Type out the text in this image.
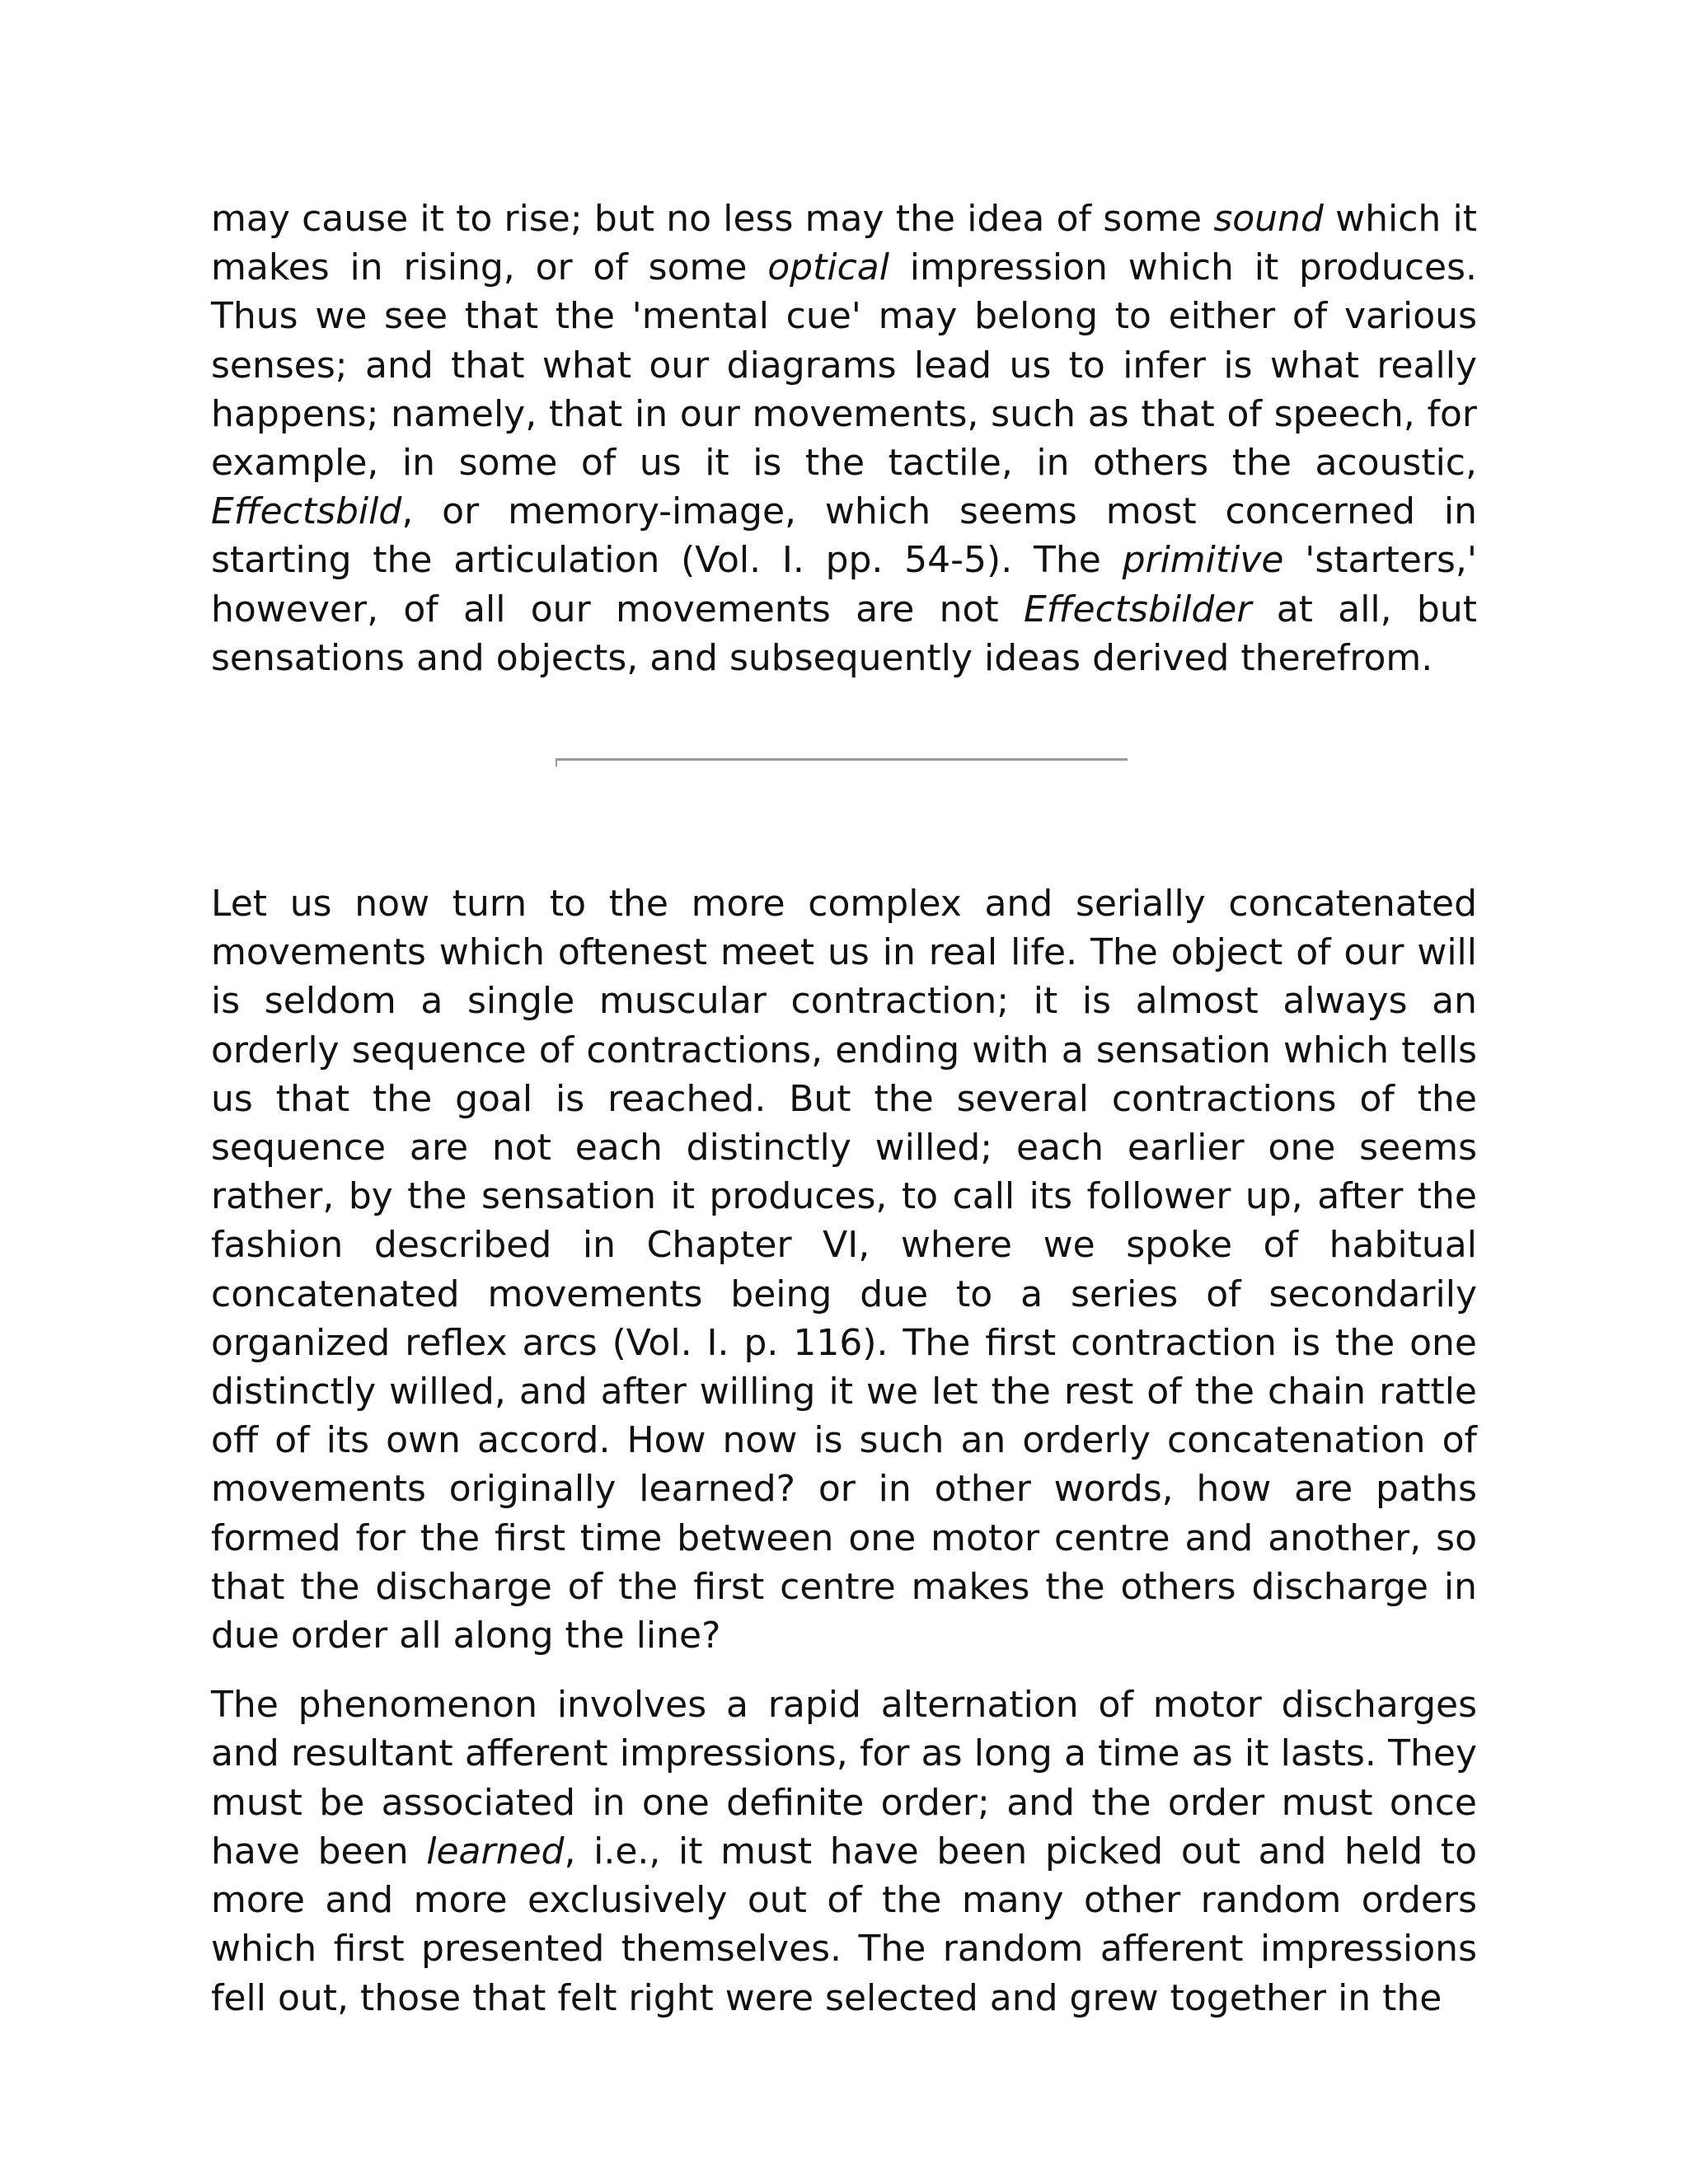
may cause it to rise; but no less may the idea of some sound which it makes in rising, or of some optical impression which it produces. Thus we see that the 'mental cue' may belong to either of various senses; and that what our diagrams lead us to infer is what really happens; namely, that in our movements, such as that of speech, for example, in some of us it is the tactile, in others the acoustic, Effectsbild, or memory-image, which seems most concerned in starting the articulation (Vol. I. pp. 54-5). The primitive 'starters,' however, of all our movements are not Effectsbilder at all, but sensations and objects, and subsequently ideas derived therefrom.

Let us now turn to the more complex and serially concatenated movements which oftenest meet us in real life. The object of our will is seldom a single muscular contraction; it is almost always an orderly sequence of contractions, ending with a sensation which tells us that the goal is reached. But the several contractions of the sequence are not each distinctly willed; each earlier one seems rather, by the sensation it produces, to call its follower up, after the fashion described in Chapter VI, where we spoke of habitual concatenated movements being due to a series of secondarily organized reflex arcs (Vol. I. p. 116). The first contraction is the one distinctly willed, and after willing it we let the rest of the chain rattle off of its own accord. How now is such an orderly concatenation of movements originally learned? or in other words, how are paths formed for the first time between one motor centre and another, so that the discharge of the first centre makes the others discharge in due order all along the line?

The phenomenon involves a rapid alternation of motor discharges and resultant afferent impressions, for as long a time as it lasts. They must be associated in one definite order; and the order must once have been learned, i.e., it must have been picked out and held to more and more exclusively out of the many other random orders which first presented themselves. The random afferent impressions fell out, those that felt right were selected and grew together in the
